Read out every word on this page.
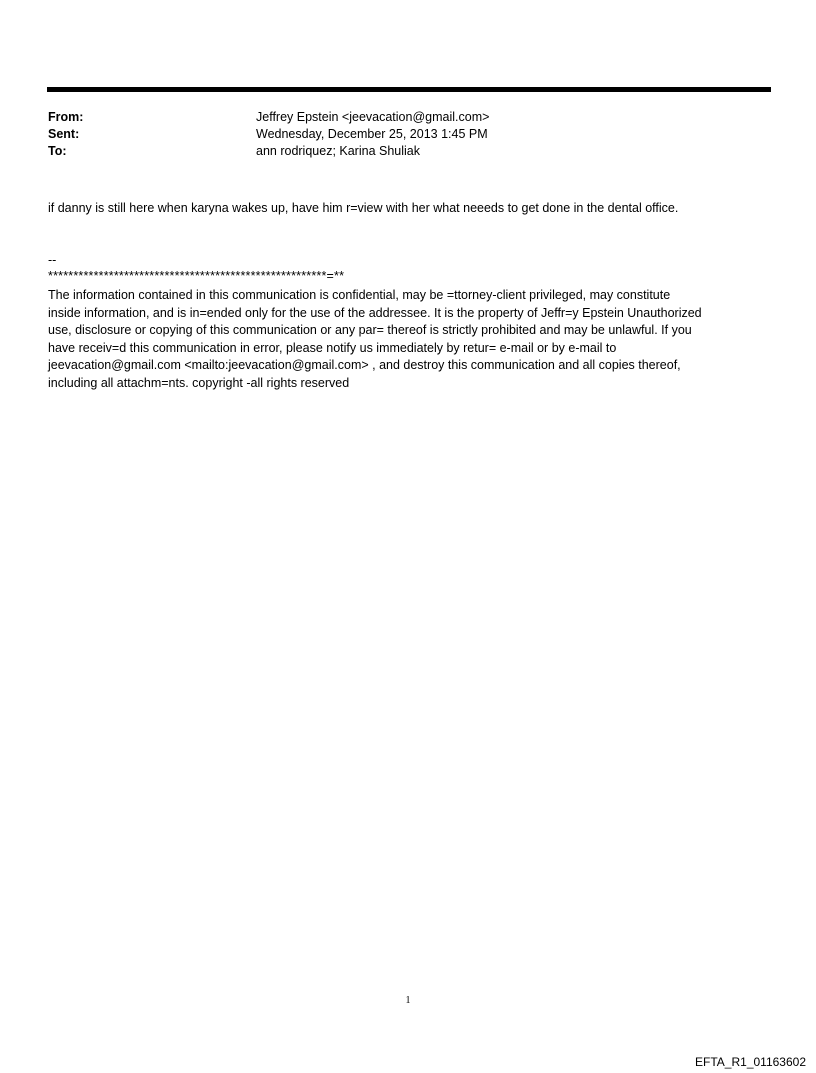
From:	Jeffrey Epstein <jeevacation@gmail.com>
Sent:	Wednesday, December 25, 2013 1:45 PM
To:	ann rodriquez; Karina Shuliak
if danny is still here when karyna wakes up, have him r=view with her what neeeds to get done in the dental office.
--
*******************************************************=**
The information contained in this communication is confidential, may be =ttorney-client privileged, may constitute
inside information, and is in=ended only for the use of the addressee. It is the property of Jeffr=y Epstein Unauthorized
use, disclosure or copying of this communication or any par= thereof is strictly prohibited and may be unlawful. If you
have receiv=d this communication in error, please notify us immediately by retur= e-mail or by e-mail to
jeevacation@gmail.com <mailto:jeevacation@gmail.com> , and destroy this communication and all copies thereof,
including all attachm=nts. copyright -all rights reserved
1
EFTA_R1_01163602
